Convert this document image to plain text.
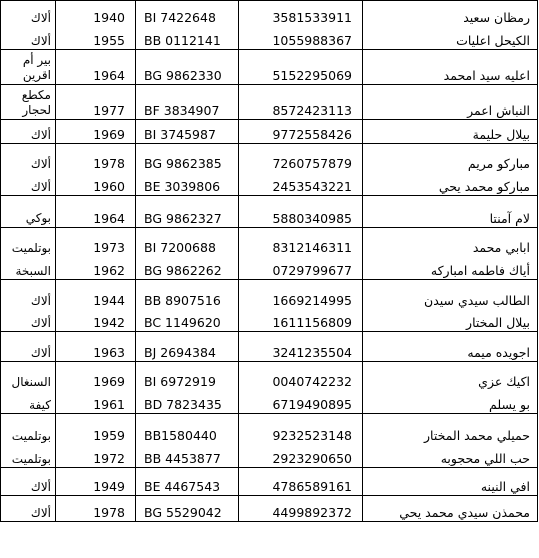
ألاك	1940	BI 7422648	3581533911	رمظان سعيد
ألاك	1955	BB 0112141	1055988367	الكيحل اعليات

بير أم اقرين	1964	BG 9862330	5152295069	اعليه سيد امحمد

مكطع لحجار	1977	BF 3834907	8572423113	النباش اعمر
ألاك	1969	BI 3745987	9772558426	بيلال حليمة
ألاك	1978	BG 9862385	7260757879	مباركو مريم
ألاك	1960	BE 3039806	2453543221	مباركو محمد يحي

بوكي	1964	BG 9862327	5880340985	لام آمنتا
بوتلميت	1973	BI 7200688	8312146311	ابابي محمد
السبخة	1962	BG 9862262	0729799677	أياك فاطمه امباركه
ألاك	1944	BB 8907516	1669214995	الطالب سيدي سيدن
ألاك	1942	BC 1149620	1611156809	بيلال المختار
ألاك	1963	BJ 2694384	3241235504	اجويده ميمه
السنغال	1969	BI 6972919	0040742232	اكيك عزي
كيفة	1961	BD 7823435	6719490895	بو يسلم
بوتلميت	1959	BB1580440	9232523148	حميلي محمد المختار
بوتلميت	1972	BB 4453877	2923290650	حب اللي محجوبه
ألاك	1949	BE 4467543	4786589161	افي النينه
ألاك	1978	BG 5529042	4499892372	محمذن سيدي محمد يحي
